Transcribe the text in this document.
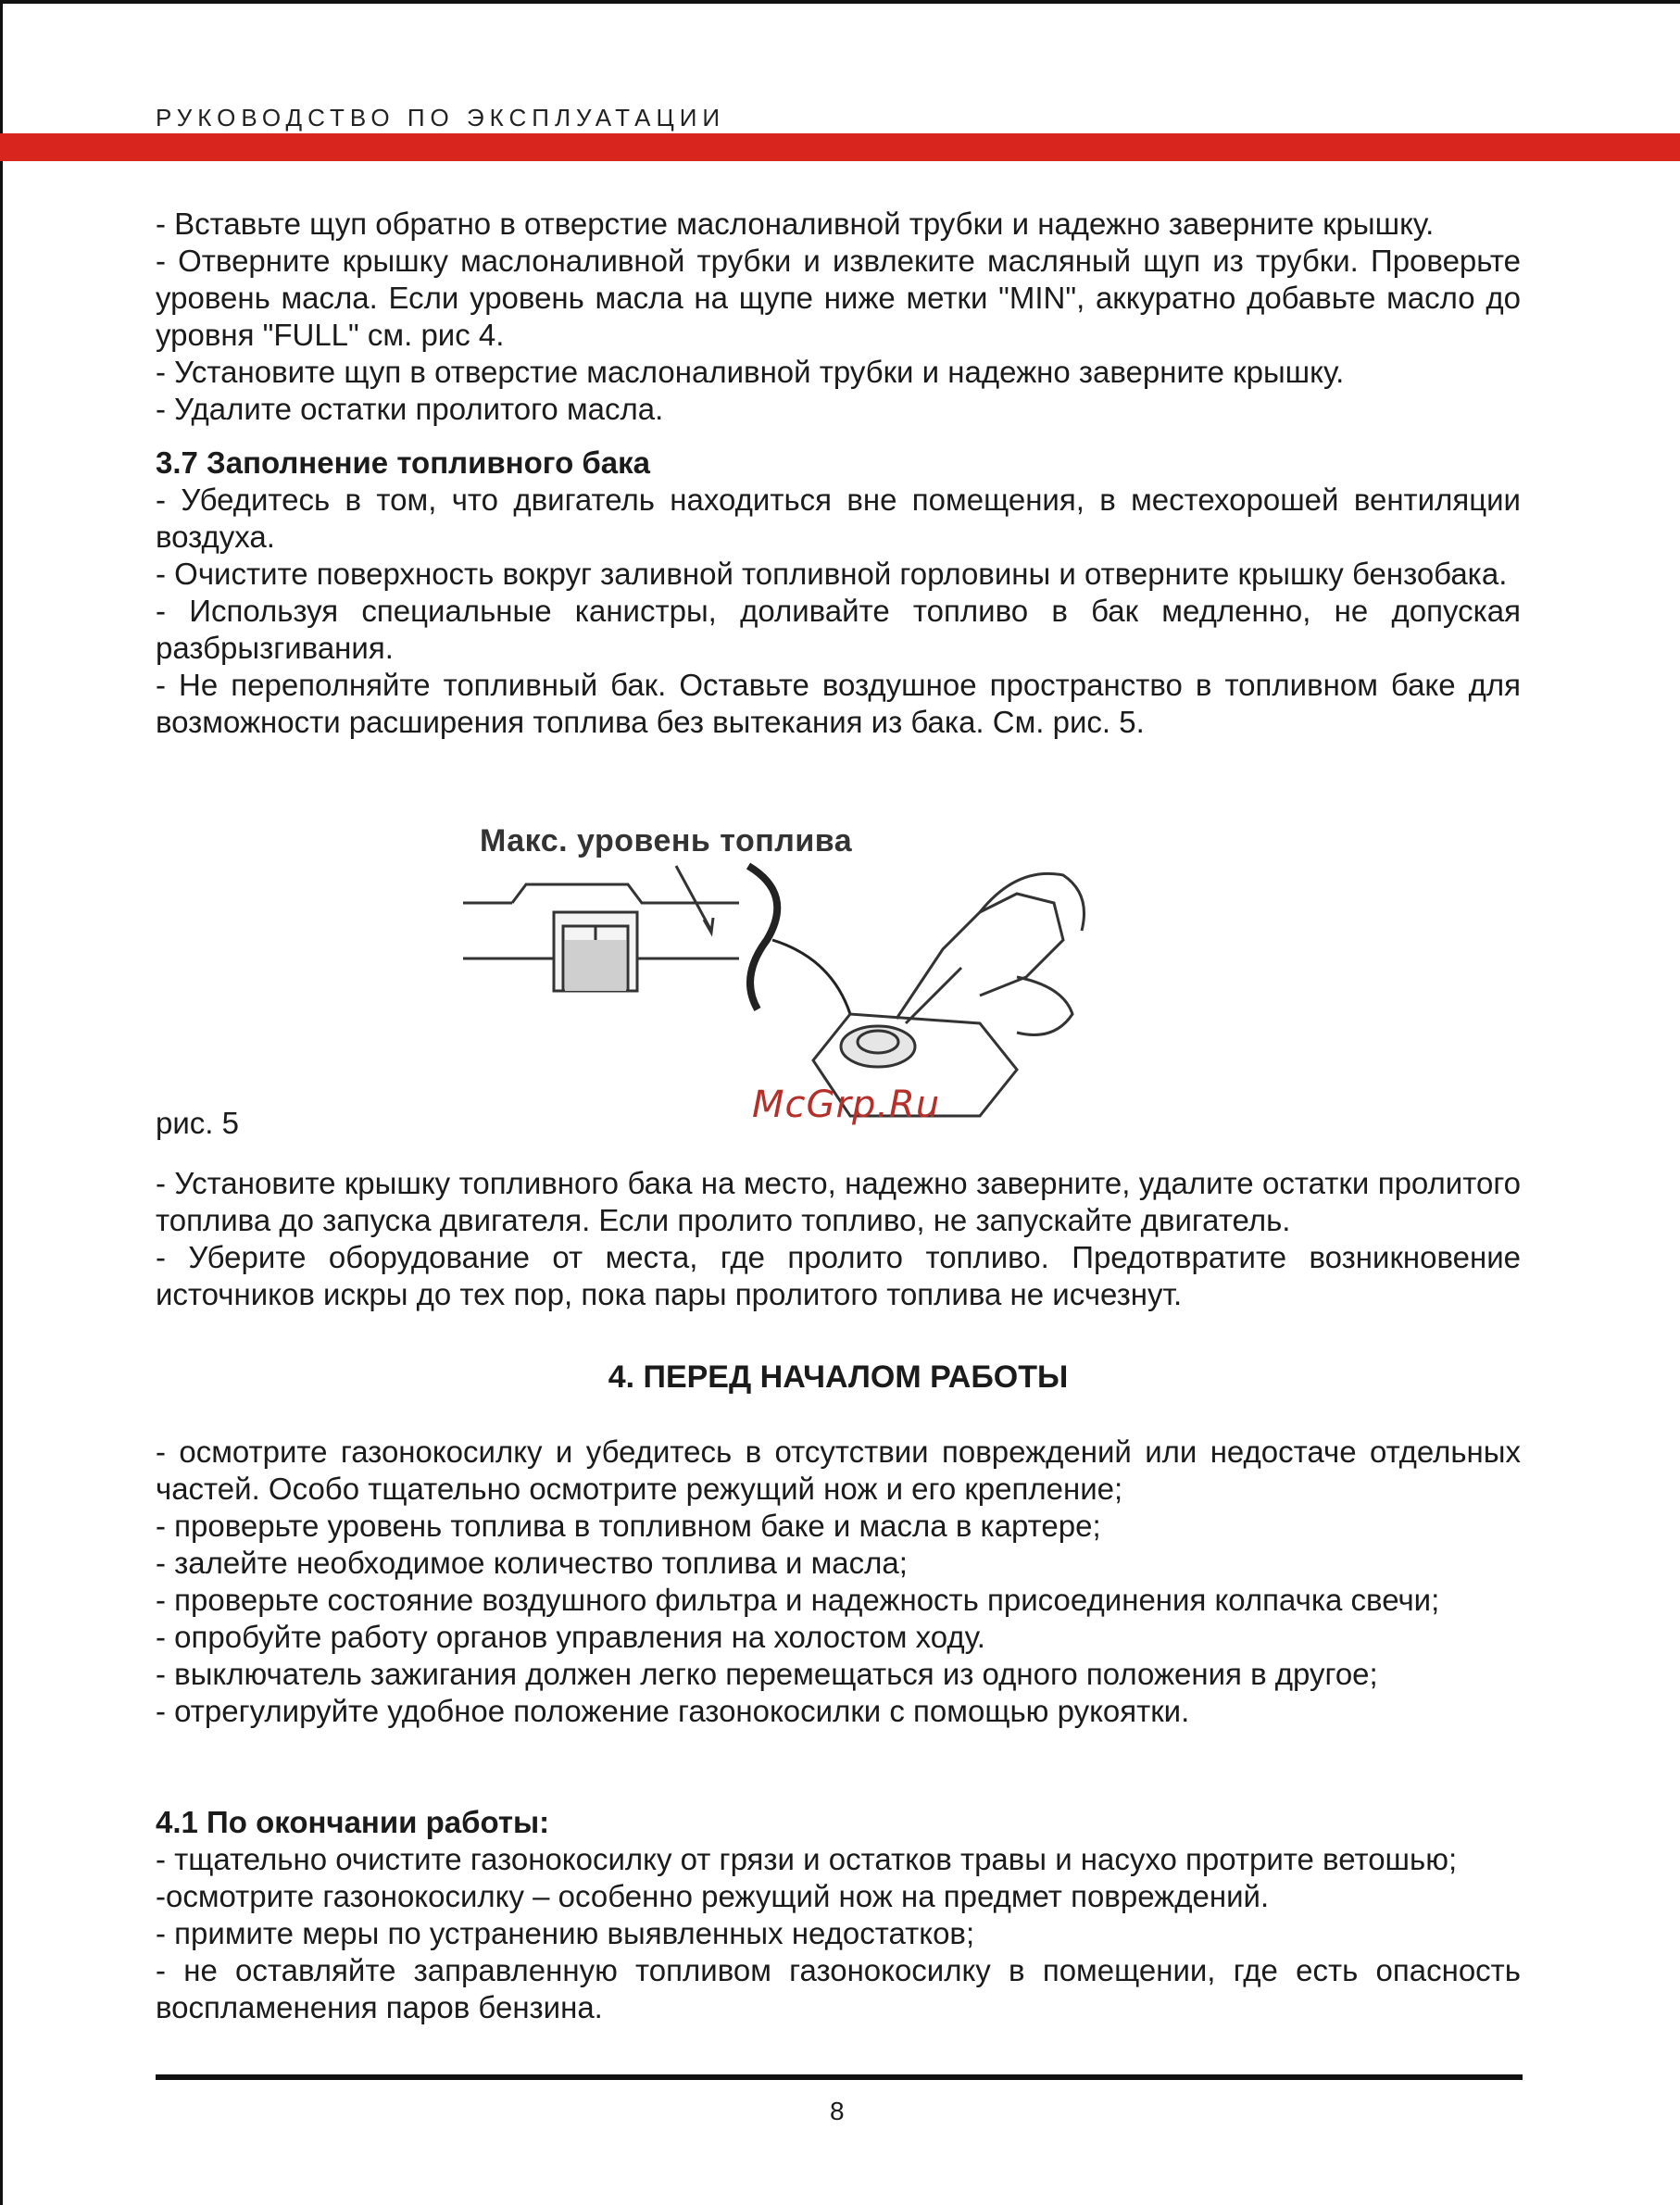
РУКОВОДСТВО ПО ЭКСПЛУАТАЦИИ

- Вставьте щуп обратно в отверстие маслоналивной трубки и надежно заверните крышку.

- Отверните крышку маслоналивной трубки и извлеките масляный щуп из трубки. Проверьте уровень масла. Если уровень масла на щупе ниже метки "MIN", аккуратно добавьте масло до уровня "FULL" см. рис 4.

- Установите щуп в отверстие маслоналивной трубки и надежно заверните крышку.

- Удалите остатки пролитого масла.

3.7 Заполнение топливного бака

- Убедитесь в том, что двигатель находиться вне помещения, в местехорошей вентиляции воздуха.

- Очистите поверхность вокруг заливной топливной горловины и отверните крышку бензобака.

- Используя специальные канистры, доливайте топливо в бак медленно, не допуская разбрызгивания.

- Не переполняйте топливный бак. Оставьте воздушное пространство в топливном баке для возможности расширения топлива без вытекания из бака. См. рис. 5.

Макс. уровень топлива
рис. 5	McGrp.Ru

- Установите крышку топливного бака на место, надежно заверните, удалите остатки пролитого топлива до запуска двигателя. Если пролито топливо, не запускайте двигатель.

- Уберите оборудование от места, где пролито топливо. Предотвратите возникновение источников искры до тех пор, пока пары пролитого топлива не исчезнут.

4. ПЕРЕД НАЧАЛОМ РАБОТЫ

- осмотрите газонокосилку и убедитесь в отсутствии повреждений или недостаче отдельных частей. Особо тщательно осмотрите режущий нож и его крепление;

- проверьте уровень топлива в топливном баке и масла в картере;

- залейте необходимое количество топлива и масла;

- проверьте состояние воздушного фильтра и надежность присоединения колпачка свечи;

- опробуйте работу органов управления на холостом ходу.

- выключатель зажигания должен легко перемещаться из одного положения в другое;

- отрегулируйте удобное положение газонокосилки с помощью рукоятки.

4.1 По окончании работы:

- тщательно очистите газонокосилку от грязи и остатков травы и насухо протрите ветошью;

-осмотрите газонокосилку – особенно режущий нож на предмет повреждений.

- примите меры по устранению выявленных недостатков;

- не оставляйте заправленную топливом газонокосилку в помещении, где есть опасность воспламенения паров бензина.

8
